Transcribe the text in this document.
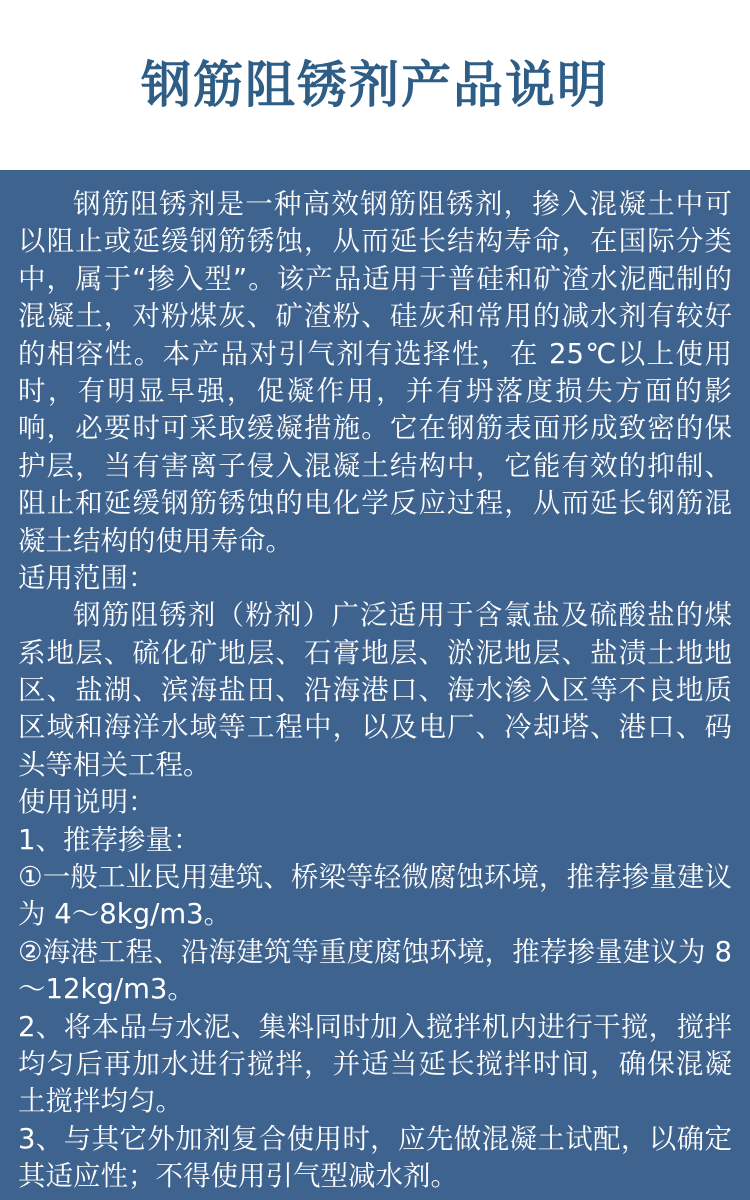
钢筋阻锈剂产品说明

钢筋阻锈剂是一种高效钢筋阻锈剂，掺入混凝土中可以阻止或延缓钢筋锈蚀，从而延长结构寿命，在国际分类中，属于“掺入型”。该产品适用于普硅和矿渣水泥配制的混凝土，对粉煤灰、矿渣粉、硅灰和常用的减水剂有较好的相容性。本产品对引气剂有选择性，在 25℃以上使用时，有明显早强，促凝作用，并有坍落度损失方面的影响，必要时可采取缓凝措施。它在钢筋表面形成致密的保护层，当有害离子侵入混凝土结构中，它能有效的抑制、阻止和延缓钢筋锈蚀的电化学反应过程，从而延长钢筋混凝土结构的使用寿命。

适用范围：

钢筋阻锈剂（粉剂）广泛适用于含氯盐及硫酸盐的煤系地层、硫化矿地层、石膏地层、淤泥地层、盐渍土地地区、盐湖、滨海盐田、沿海港口、海水渗入区等不良地质区域和海洋水域等工程中，以及电厂、冷却塔、港口、码头等相关工程。

使用说明：

1、推荐掺量：

①一般工业民用建筑、桥梁等轻微腐蚀环境，推荐掺量建议为 4～8kg/m3。

②海港工程、沿海建筑等重度腐蚀环境，推荐掺量建议为 8～12kg/m3。

2、将本品与水泥、集料同时加入搅拌机内进行干搅，搅拌均匀后再加水进行搅拌，并适当延长搅拌时间，确保混凝土搅拌均匀。

3、与其它外加剂复合使用时，应先做混凝土试配，以确定其适应性；不得使用引气型减水剂。
